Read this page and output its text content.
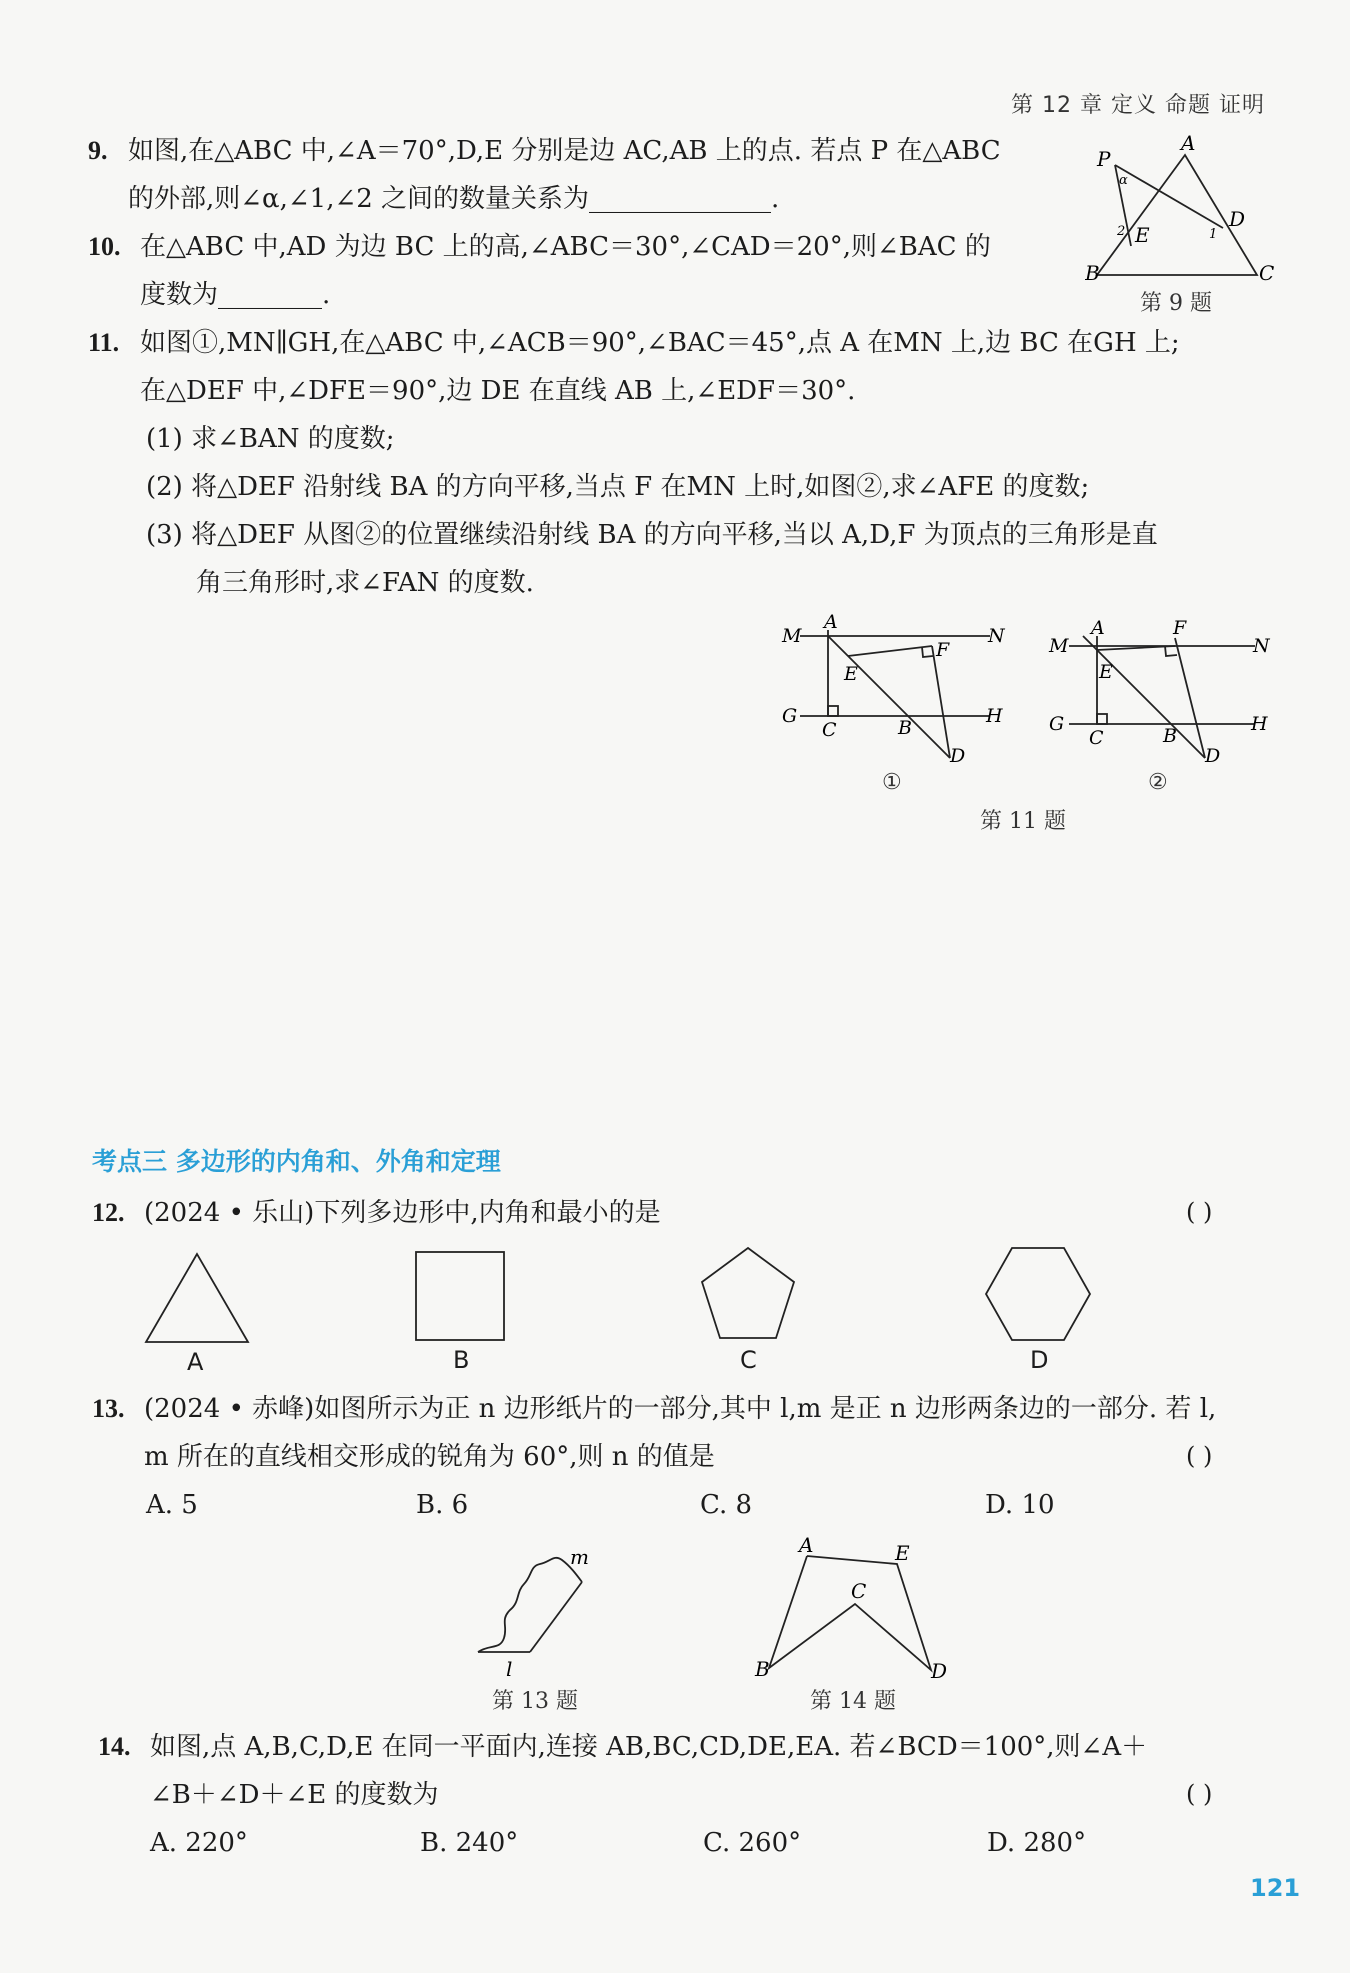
第 12 章 定义 命题 证明
9. 如图,在△ABC 中,∠A＝70°,D,E 分别是边 AC,AB 上的点. 若点 P 在△ABC
的外部,则∠α,∠1,∠2 之间的数量关系为______________.
A
P
α
E
2	1
D
B	C
第 9 题
10. 在△ABC 中,AD 为边 BC 上的高,∠ABC＝30°,∠CAD＝20°,则∠BAC 的
度数为________.
11. 如图①,MN∥GH,在△ABC 中,∠ACB＝90°,∠BAC＝45°,点 A 在MN 上,边 BC 在GH 上;
在△DEF 中,∠DFE＝90°,边 DE 在直线 AB 上,∠EDF＝30°.
(1) 求∠BAN 的度数;
(2) 将△DEF 沿射线 BA 的方向平移,当点 F 在MN 上时,如图②,求∠AFE 的度数;
(3) 将△DEF 从图②的位置继续沿射线 BA 的方向平移,当以 A,D,F 为顶点的三角形是直
角三角形时,求∠FAN 的度数.
M
A
N
F
E
G
C	B
H
D
①
M
A	F
N
E
G
C	B
H
D
②
第 11 题
考点三 多边形的内角和、外角和定理
12. (2024 • 乐山)下列多边形中,内角和最小的是	( )
A	B	C	D
13. (2024 • 赤峰)如图所示为正 n 边形纸片的一部分,其中 l,m 是正 n 边形两条边的一部分. 若 l,
m 所在的直线相交形成的锐角为 60°,则 n 的值是	( )
A. 5	B. 6	C. 8	D. 10
m
l
第 13 题
A	E
C
B	D
第 14 题
14. 如图,点 A,B,C,D,E 在同一平面内,连接 AB,BC,CD,DE,EA. 若∠BCD＝100°,则∠A＋
∠B＋∠D＋∠E 的度数为	( )
A. 220°	B. 240°	C. 260°	D. 280°
121
